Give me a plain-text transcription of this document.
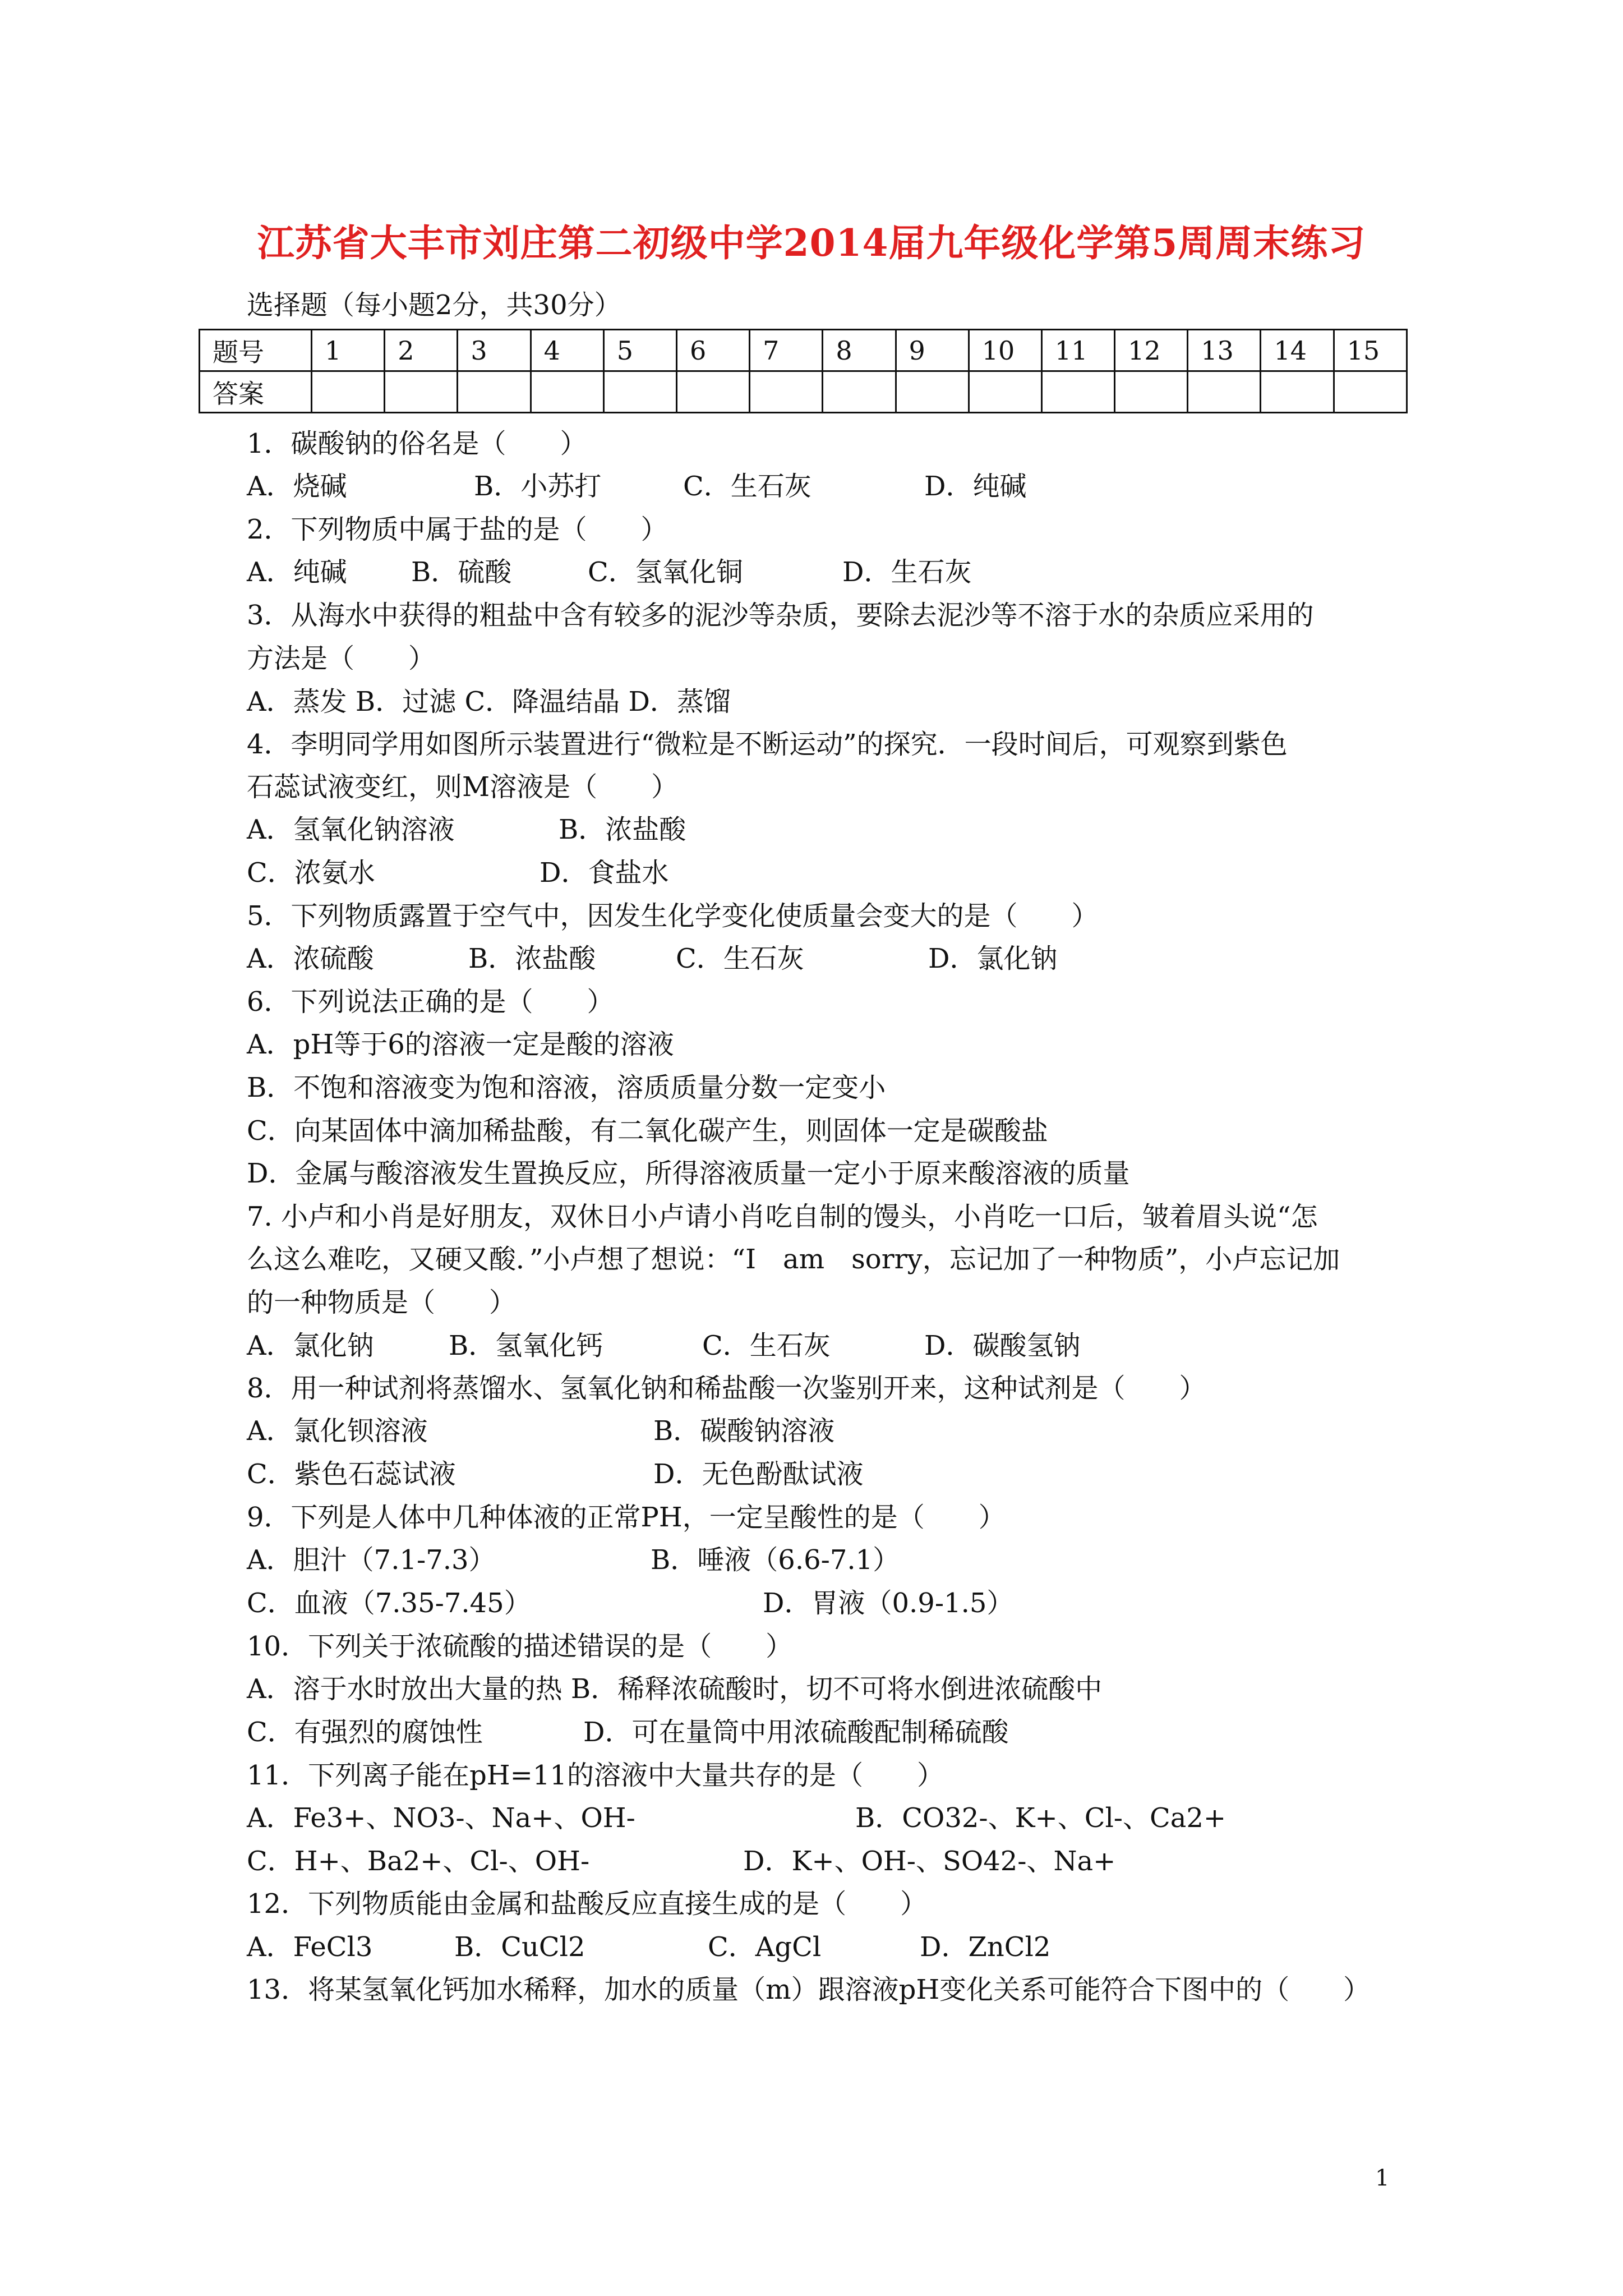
江苏省大丰市刘庄第二初级中学2014届九年级化学第5周周末练习
选择题（每小题2分，共30分）
题号	1	2	3	4	5	6	7	8	9	10	11	12	13	14	15
答案															
1．碳酸钠的俗名是（　　）
A．烧碱	B．小苏打	C．生石灰	D．纯碱
2．下列物质中属于盐的是（　　）
A．纯碱 B．硫酸	C．氢氧化铜	D．生石灰
3．从海水中获得的粗盐中含有较多的泥沙等杂质，要除去泥沙等不溶于水的杂质应采用的
方法是（　　）
A．蒸发 B．过滤 C．降温结晶 D．蒸馏
4．李明同学用如图所示装置进行“微粒是不断运动”的探究．一段时间后，可观察到紫色
石蕊试液变红，则M溶液是（　　）
A．氢氧化钠溶液	B．浓盐酸
C．浓氨水	D．食盐水
5．下列物质露置于空气中，因发生化学变化使质量会变大的是（　　）
A．浓硫酸	B．浓盐酸	C．生石灰	D．氯化钠
6．下列说法正确的是（　　）
A．pH等于6的溶液一定是酸的溶液
B．不饱和溶液变为饱和溶液，溶质质量分数一定变小
C．向某固体中滴加稀盐酸，有二氧化碳产生，则固体一定是碳酸盐
D．金属与酸溶液发生置换反应，所得溶液质量一定小于原来酸溶液的质量
7. 小卢和小肖是好朋友，双休日小卢请小肖吃自制的馒头，小肖吃一口后，皱着眉头说“怎
么这么难吃，又硬又酸．”小卢想了想说：“I　am　sorry，忘记加了一种物质”，小卢忘记加
的一种物质是（　　）
A．氯化钠	B．氢氧化钙	C．生石灰	D．碳酸氢钠
8．用一种试剂将蒸馏水、氢氧化钠和稀盐酸一次鉴别开来，这种试剂是（　　）
A．氯化钡溶液	B．碳酸钠溶液
C．紫色石蕊试液	D．无色酚酞试液
9．下列是人体中几种体液的正常PH，一定呈酸性的是（　　）
A．胆汁（7.1-7.3）	B．唾液（6.6-7.1）
C．血液（7.35-7.45）	D．胃液（0.9-1.5）
10．下列关于浓硫酸的描述错误的是（　　）
A．溶于水时放出大量的热 B．稀释浓硫酸时，切不可将水倒进浓硫酸中
C．有强烈的腐蚀性	D．可在量筒中用浓硫酸配制稀硫酸
11．下列离子能在pH=11的溶液中大量共存的是（　　）
A．Fe3+、NO3-、Na+、OH-	B．CO32-、K+、Cl-、Ca2+
C．H+、Ba2+、Cl-、OH-	D．K+、OH-、SO42-、Na+
12．下列物质能由金属和盐酸反应直接生成的是（　　）
A．FeCl3	B．CuCl2	C．AgCl	D．ZnCl2
13．将某氢氧化钙加水稀释，加水的质量（m）跟溶液pH变化关系可能符合下图中的（　　）
1
